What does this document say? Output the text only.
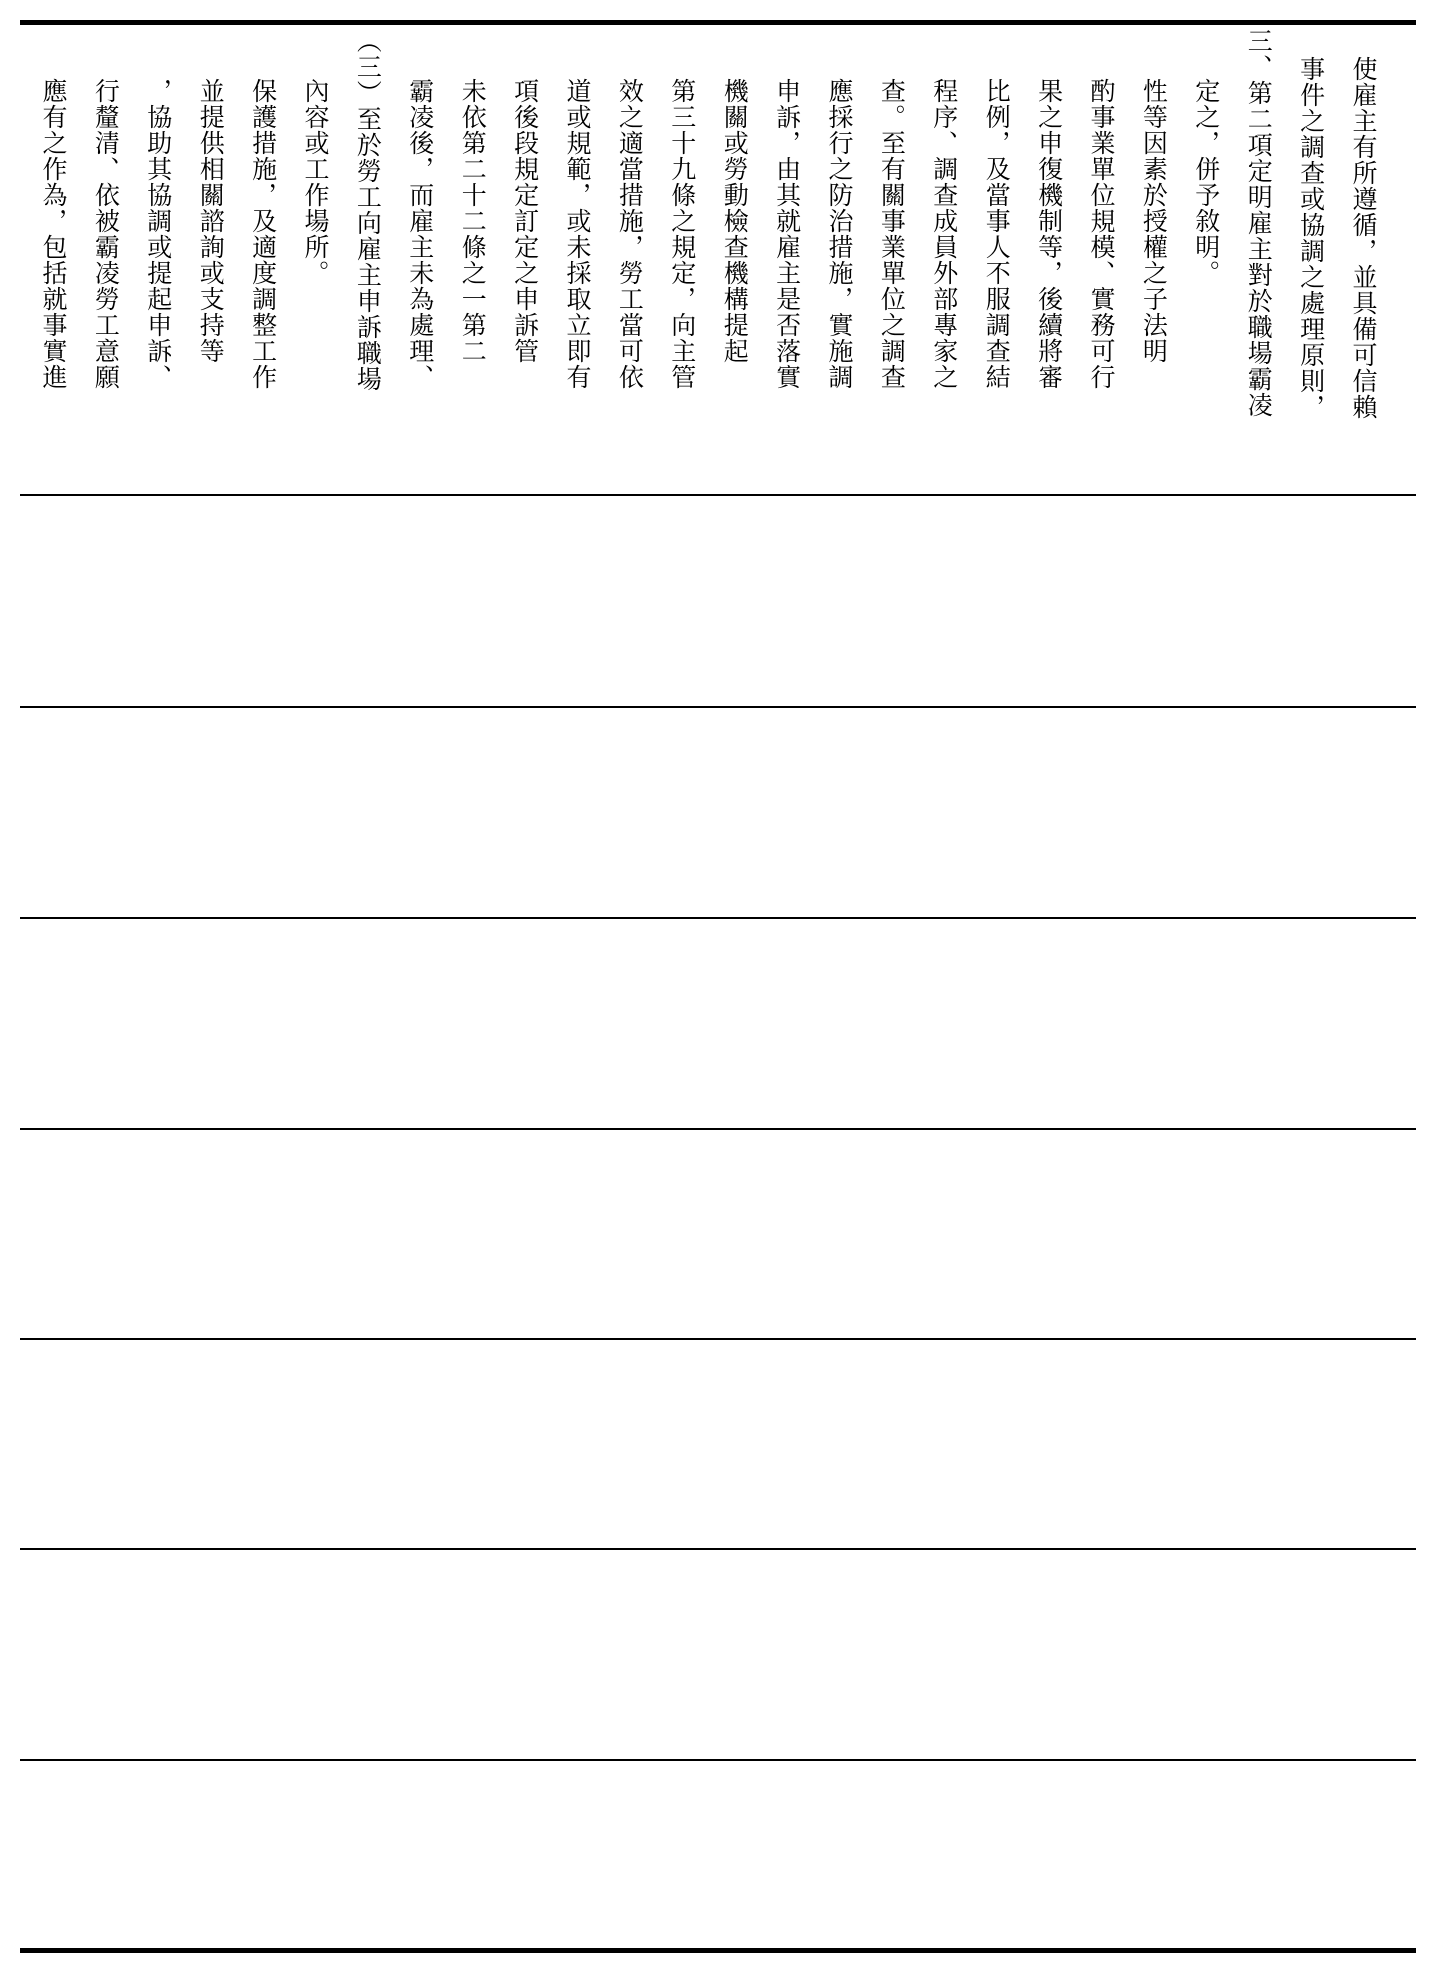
應有之作為，包括就事實進 行釐清、依被霸凌勞工意願 ，協助其協調或提起申訴、 並提供相關諮詢或支持等 保護措施，及適度調整工作 內容或工作場所。 （三）至於勞工向雇主申訴職場 霸凌後，而雇主未為處理、 未依第二十二條之一第二 項後段規定訂定之申訴管 道或規範，或未採取立即有 效之適當措施，勞工當可依 第三十九條之規定，向主管 機關或勞動檢查機構提起 申訴，由其就雇主是否落實 應採行之防治措施，實施調 查。至有關事業單位之調查 程序、調查成員外部專家之 比例，及當事人不服調查結 果之申復機制等，後續將審 酌事業單位規模、實務可行 性等因素於授權之子法明 定之，併予敘明。 三、第二項定明雇主對於職場霸凌 事件之調查或協調之處理原則， 使雇主有所遵循，並具備可信賴
